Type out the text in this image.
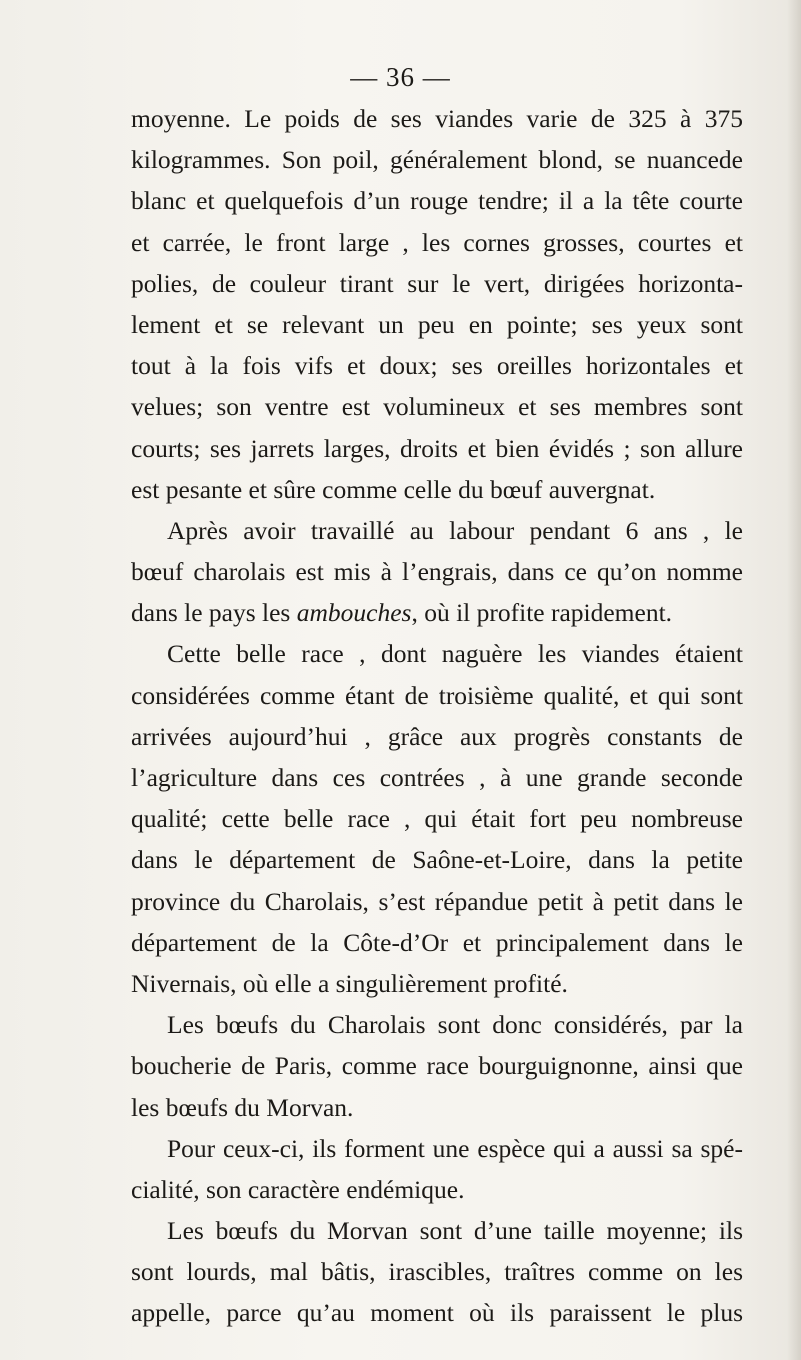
— 36 —
moyenne. Le poids de ses viandes varie de 325 à 375
kilogrammes. Son poil, généralement blond, se nuancede
blanc et quelquefois d’un rouge tendre; il a la tête courte
et carrée, le front large , les cornes grosses, courtes et
polies, de couleur tirant sur le vert, dirigées horizonta-
lement et se relevant un peu en pointe; ses yeux sont
tout à la fois vifs et doux; ses oreilles horizontales et
velues; son ventre est volumineux et ses membres sont
courts; ses jarrets larges, droits et bien évidés ; son allure
est pesante et sûre comme celle du bœuf auvergnat.
Après avoir travaillé au labour pendant 6 ans , le
bœuf charolais est mis à l’engrais, dans ce qu’on nomme
dans le pays les ambouches, où il profite rapidement.
Cette belle race , dont naguère les viandes étaient
considérées comme étant de troisième qualité, et qui sont
arrivées aujourd’hui , grâce aux progrès constants de
l’agriculture dans ces contrées , à une grande seconde
qualité; cette belle race , qui était fort peu nombreuse
dans le département de Saône-et-Loire, dans la petite
province du Charolais, s’est répandue petit à petit dans le
département de la Côte-d’Or et principalement dans le
Nivernais, où elle a singulièrement profité.
Les bœufs du Charolais sont donc considérés, par la
boucherie de Paris, comme race bourguignonne, ainsi que
les bœufs du Morvan.
Pour ceux-ci, ils forment une espèce qui a aussi sa spé-
cialité, son caractère endémique.
Les bœufs du Morvan sont d’une taille moyenne; ils
sont lourds, mal bâtis, irascibles, traîtres comme on les
appelle, parce qu’au moment où ils paraissent le plus
